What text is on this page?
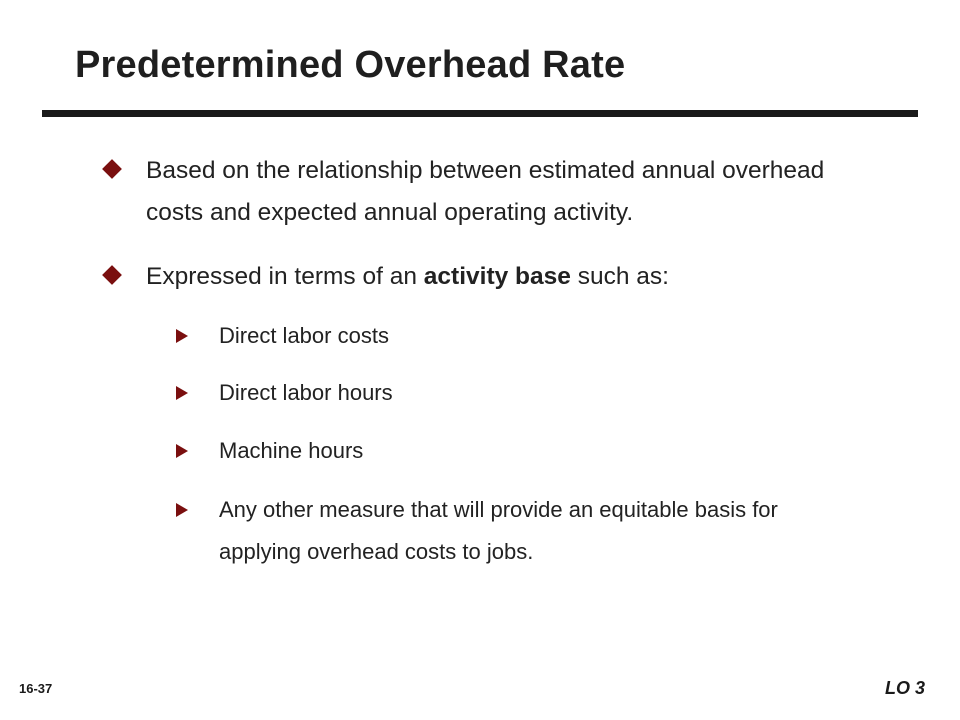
Predetermined Overhead Rate
Based on the relationship between estimated annual overhead costs and expected annual operating activity.
Expressed in terms of an activity base such as:
Direct labor costs
Direct labor hours
Machine hours
Any other measure that will provide an equitable basis for applying overhead costs to jobs.
16-37	LO 3
